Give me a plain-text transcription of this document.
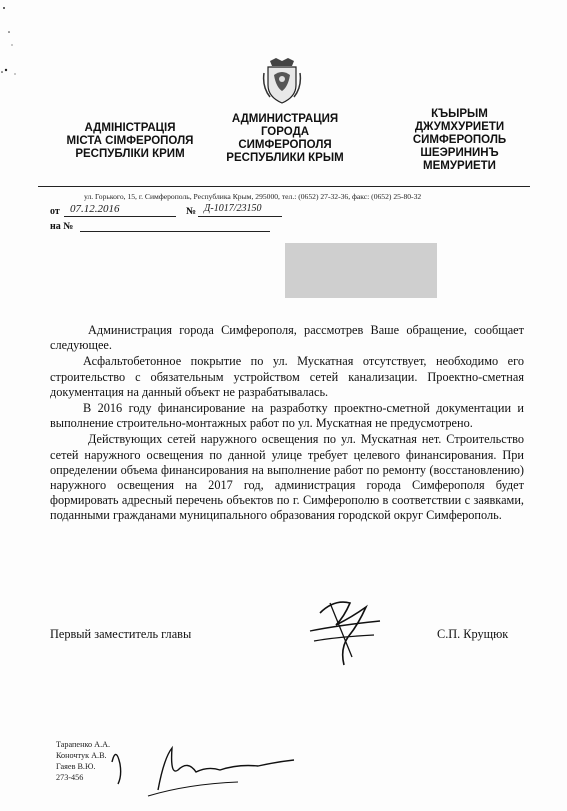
АДМІНІСТРАЦІЯ
МІСТА СІМФЕРОПОЛЯ
РЕСПУБЛІКИ КРИМ
АДМИНИСТРАЦИЯ
ГОРОДА
СИМФЕРОПОЛЯ
РЕСПУБЛИКИ КРЫМ
КЪЫРЫМ
ДЖУМХУРИЕТИ
СИМФЕРОПОЛЬ
ШЕЭРИНИНЪ
МЕМУРИЕТИ
ул. Горького, 15, г. Симферополь, Республика Крым, 295000, тел.: (0652) 27-32-36, факс: (0652) 25-80-32
от 07.12.2016	№ Д-1017/23150
на №

Администрация города Симферополя, рассмотрев Ваше обращение, сообщает следующее.

Асфальтобетонное покрытие по ул. Мускатная отсутствует, необходимо его строительство с обязательным устройством сетей канализации. Проектно-сметная документация на данный объект не разрабатывалась.

В 2016 году финансирование на разработку проектно-сметной документации и выполнение строительно-монтажных работ по ул. Мускатная не предусмотрено.

Действующих сетей наружного освещения по ул. Мускатная нет. Строительство сетей наружного освещения по данной улице требует целевого финансирования. При определении объема финансирования на выполнение работ по ремонту (восстановлению) наружного освещения на 2017 год, администрация города Симферополя будет формировать адресный перечень объектов по г. Симферополю в соответствии с заявками, поданными гражданами муниципального образования городской округ Симферополь.

Первый заместитель главы	С.П. Крущюк
Тарапенко А.А.
Коночтук А.В.
Гаяев В.Ю.
273-456
